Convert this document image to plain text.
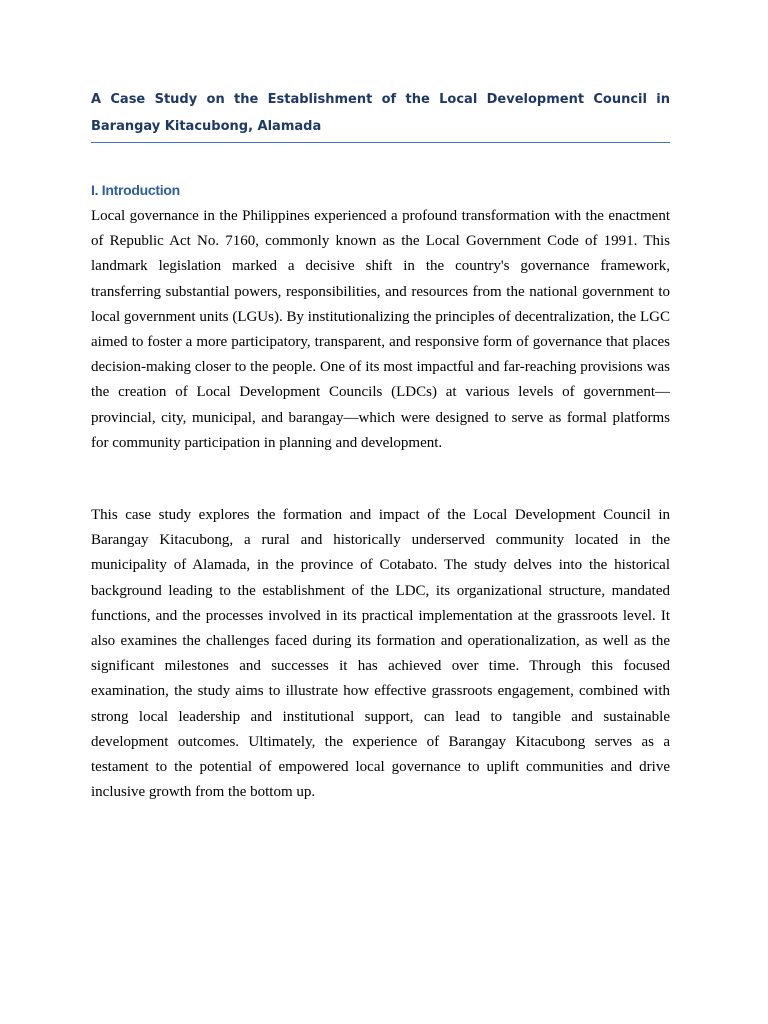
A Case Study on the Establishment of the Local Development Council in Barangay Kitacubong, Alamada
I. Introduction

Local governance in the Philippines experienced a profound transformation with the enactment of Republic Act No. 7160, commonly known as the Local Government Code of 1991. This landmark legislation marked a decisive shift in the country's governance framework, transferring substantial powers, responsibilities, and resources from the national government to local government units (LGUs). By institutionalizing the principles of decentralization, the LGC aimed to foster a more participatory, transparent, and responsive form of governance that places decision-making closer to the people. One of its most impactful and far-reaching provisions was the creation of Local Development Councils (LDCs) at various levels of government—provincial, city, municipal, and barangay—which were designed to serve as formal platforms for community participation in planning and development.

This case study explores the formation and impact of the Local Development Council in Barangay Kitacubong, a rural and historically underserved community located in the municipality of Alamada, in the province of Cotabato. The study delves into the historical background leading to the establishment of the LDC, its organizational structure, mandated functions, and the processes involved in its practical implementation at the grassroots level. It also examines the challenges faced during its formation and operationalization, as well as the significant milestones and successes it has achieved over time. Through this focused examination, the study aims to illustrate how effective grassroots engagement, combined with strong local leadership and institutional support, can lead to tangible and sustainable development outcomes. Ultimately, the experience of Barangay Kitacubong serves as a testament to the potential of empowered local governance to uplift communities and drive inclusive growth from the bottom up.
